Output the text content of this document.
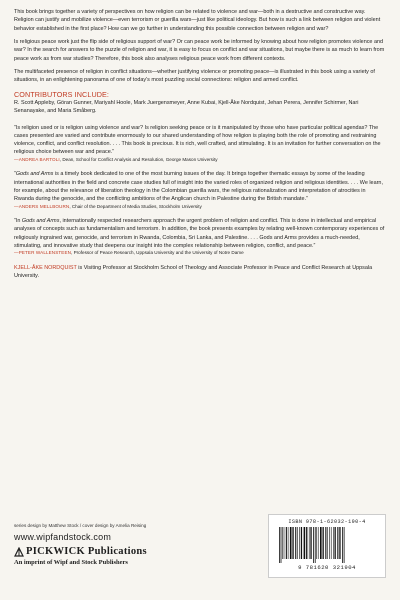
This book brings together a variety of perspectives on how religion can be related to violence and war—both in a destructive and constructive way. Religion can justify and mobilize violence—even terrorism or guerilla wars—just like political ideology. But how is such a link between religion and violent behavior established in the first place? How can we go further in understanding this possible connection between religion and war?

Is religious peace work just the flip side of religious support of war? Or can peace work be informed by knowing about how religion promotes violence and war? In the search for answers to the puzzle of religion and war, it is easy to focus on conflict and war situations, but maybe there is as much to learn from peace work as from war studies? Therefore, this book also analyses religious peace work from different contexts.

The multifaceted presence of religion in conflict situations—whether justifying violence or promoting peace—is illustrated in this book using a variety of situations, in an enlightening panorama of one of today's most puzzling social connections: religion and armed conflict.

CONTRIBUTORS INCLUDE:
R. Scott Appleby, Göran Gunner, Mariyahl Hoole, Mark Juergensmeyer, Anne Kubai, Kjell-Åke Nordquist, Jehan Perera, Jennifer Schirmer, Nari Senanayake, and Maria Småberg.
“Is religion used or is religion using violence and war? Is religion seeking peace or is it manipulated by those who have particular political agendas? The cases presented are varied and contribute enormously to our shared understanding of how religion is playing both the role of promoting and restraining violence, conflict, and conflict resolution. . . . This book is precious. It is rich, well crafted, and stimulating. It is an invitation for further conversation on the religious choice between war and peace.”
—ANDREA BARTOLI, Dean, School for Conflict Analysis and Resolution, George Mason University
“Gods and Arms is a timely book dedicated to one of the most burning issues of the day. It brings together thematic essays by some of the leading international authorities in the field and concrete case studies full of insight into the varied roles of organized religion and religious identities. . . . We learn, for example, about the relevance of liberation theology in the Colombian guerilla wars, the religious rationalization and interpretation of atrocities in Rwanda during the genocide, and the conflicting ambitions of the Anglican church in Palestine during the British mandate.”
—ANDERS MELLBOURN, Chair of the Department of Media Studies, Stockholm University
“In Gods and Arms, internationally respected researchers approach the urgent problem of religion and conflict. This is done in intellectual and empirical analyses of concepts such as fundamentalism and terrorism. In addition, the book presents examples by relating well-known contemporary experiences of religiously ingrained war, genocide, and terrorism in Rwanda, Colombia, Sri Lanka, and Palestine. . . . Gods and Arms provides a much-needed, stimulating, and innovative study that deepens our insight into the complex relationship between religion, conflict, and peace.”
—PETER WALLENSTEEN, Professor of Peace Research, Uppsala University and the University of Notre Dame
KJELL-ÅKE NORDQUIST is Visiting Professor at Stockholm School of Theology and Associate Professor in Peace and Conflict Research at Uppsala University.
series design by Matthew Stock / cover design by Amelia Reising
www.wipfandstock.com
PICKWICK Publications
An imprint of Wipf and Stock Publishers
ISBN 978-1-62032-190-4
9 781620 321904
